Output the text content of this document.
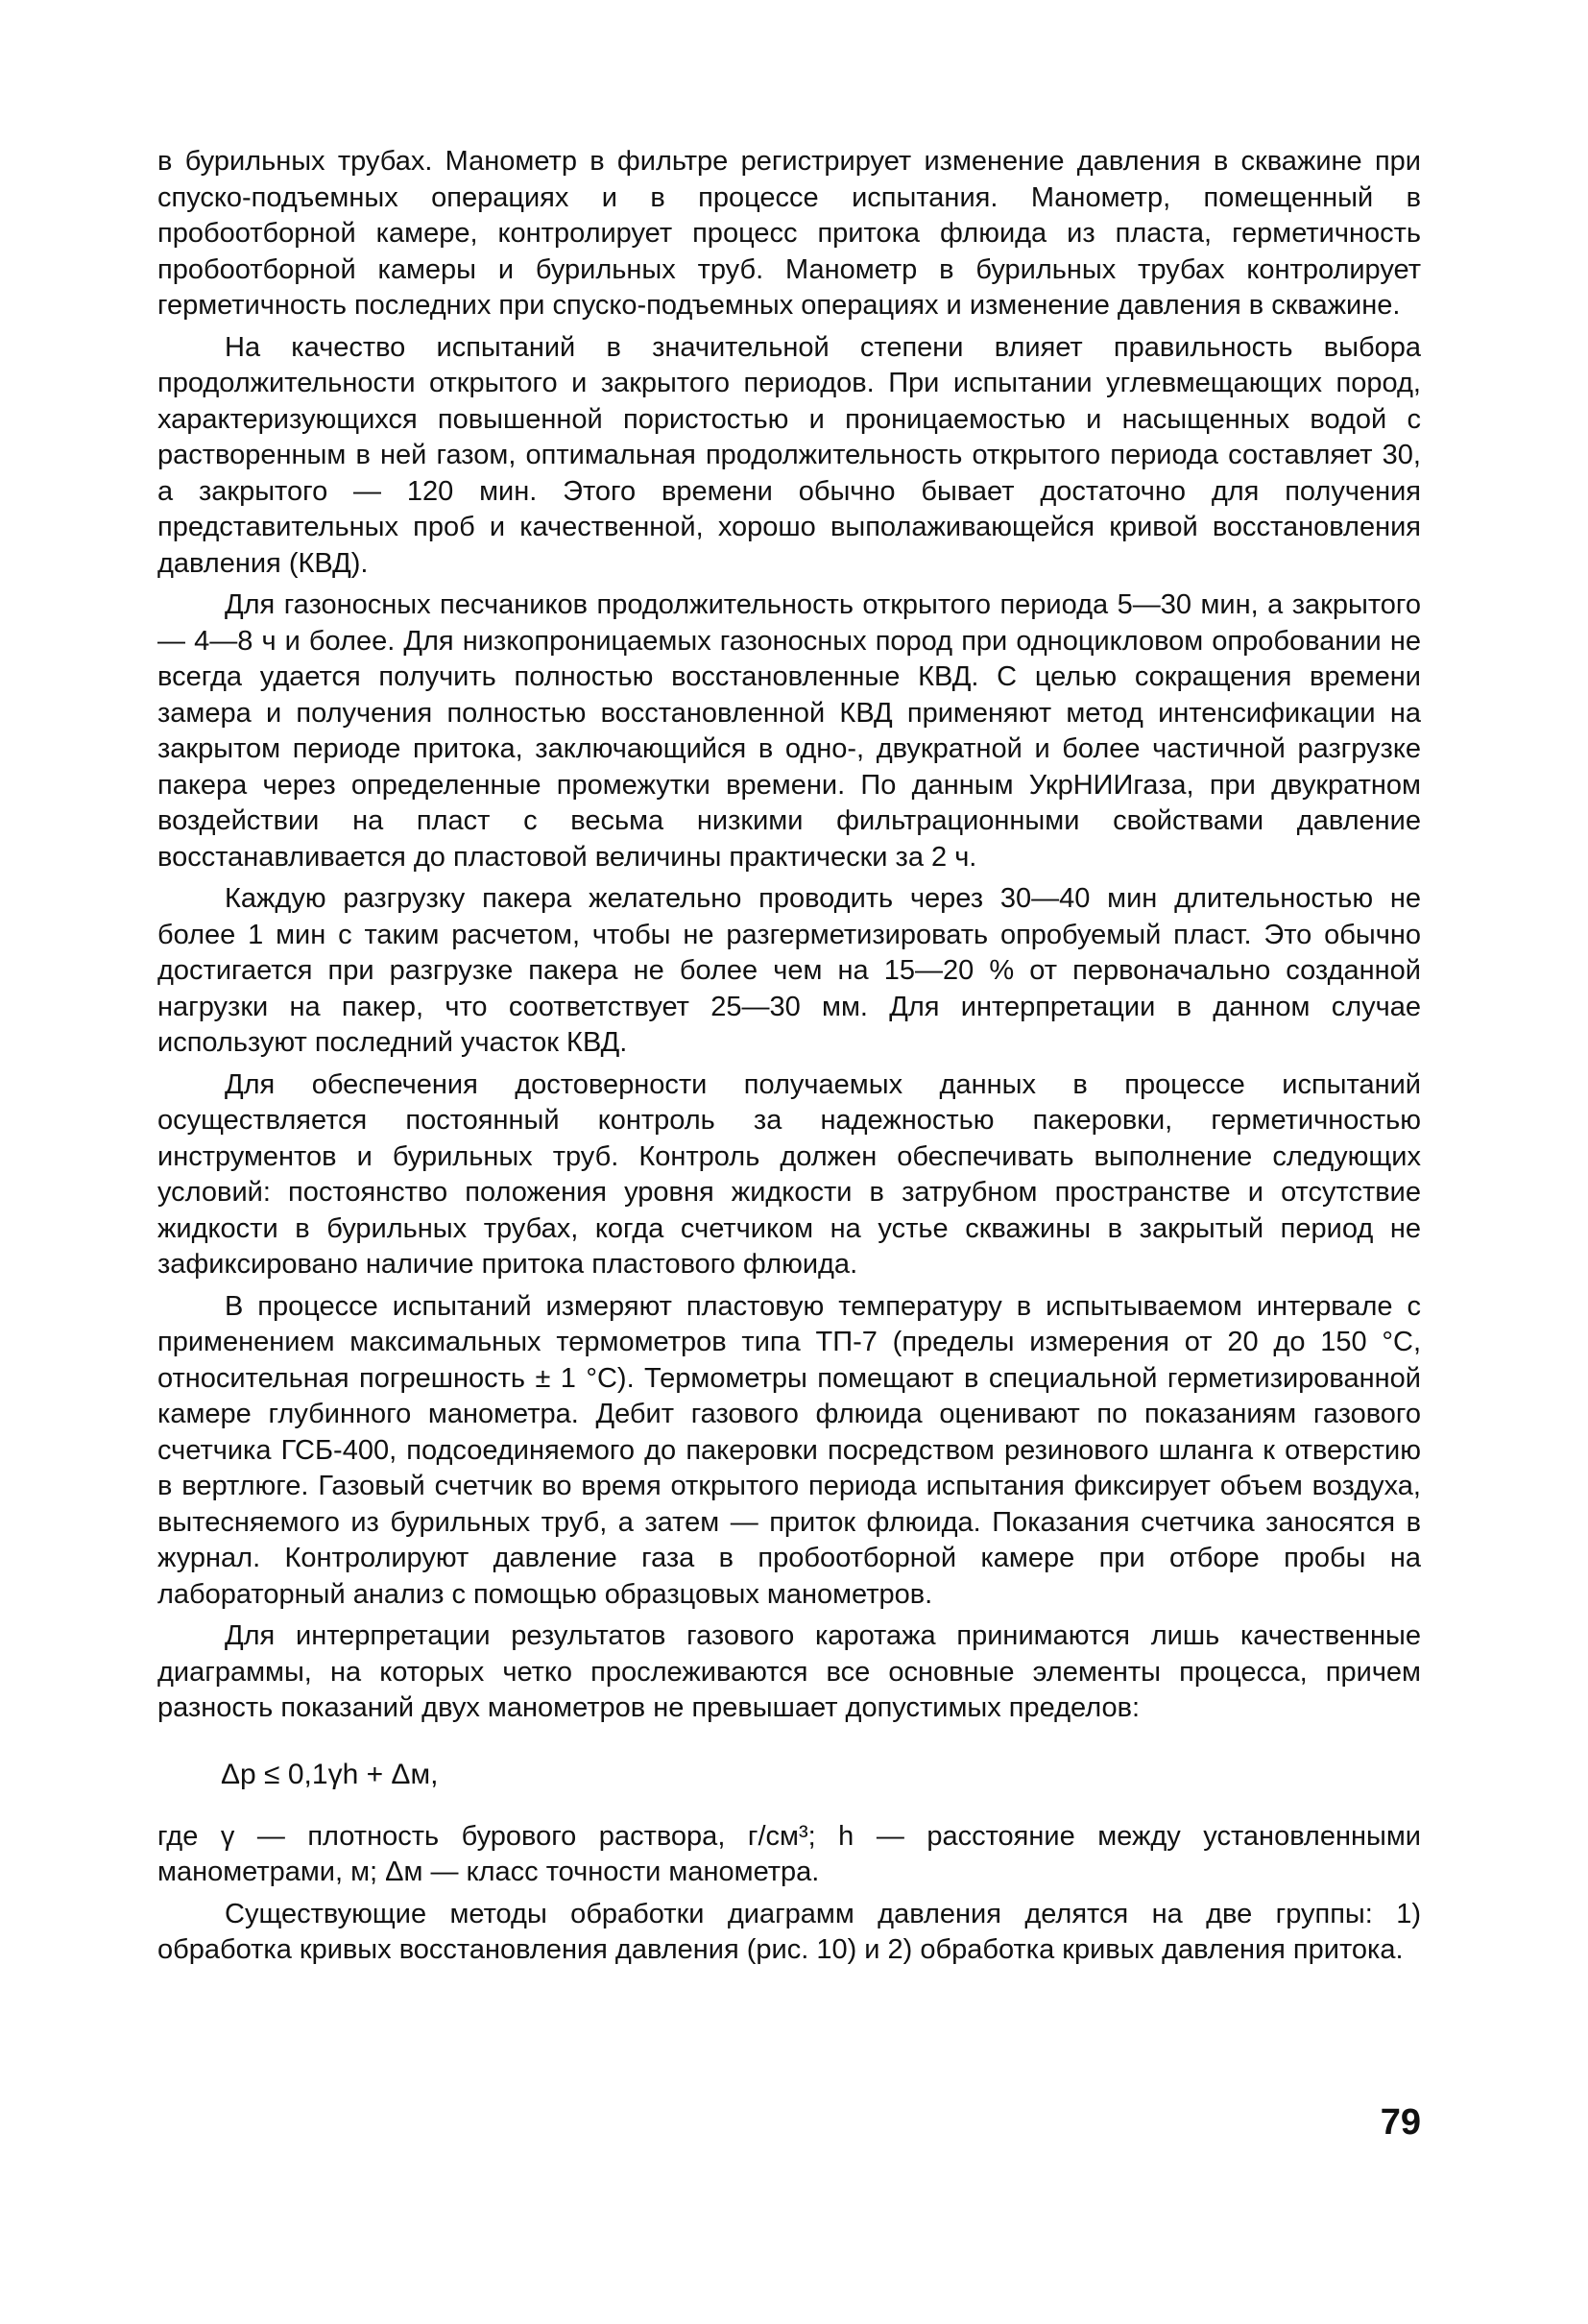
в бурильных трубах. Манометр в фильтре регистрирует изменение давления в скважине при спуско-подъемных операциях и в процессе испытания. Манометр, помещенный в пробоотборной камере, контролирует процесс притока флюида из пласта, герметичность пробоотборной камеры и бурильных труб. Манометр в бурильных трубах контролирует герметичность последних при спуско-подъемных операциях и изменение давления в скважине.

На качество испытаний в значительной степени влияет правильность выбора продолжительности открытого и закрытого периодов. При испытании углевмещающих пород, характеризующихся повышенной пористостью и проницаемостью и насыщенных водой с растворенным в ней газом, оптимальная продолжительность открытого периода составляет 30, а закрытого — 120 мин. Этого времени обычно бывает достаточно для получения представительных проб и качественной, хорошо выполаживающейся кривой восстановления давления (КВД).

Для газоносных песчаников продолжительность открытого периода 5—30 мин, а закрытого — 4—8 ч и более. Для низкопроницаемых газоносных пород при одноцикловом опробовании не всегда удается получить полностью восстановленные КВД. С целью сокращения времени замера и получения полностью восстановленной КВД применяют метод интенсификации на закрытом периоде притока, заключающийся в одно-, двукратной и более частичной разгрузке пакера через определенные промежутки времени. По данным УкрНИИгаза, при двукратном воздействии на пласт с весьма низкими фильтрационными свойствами давление восстанавливается до пластовой величины практически за 2 ч.

Каждую разгрузку пакера желательно проводить через 30—40 мин длительностью не более 1 мин с таким расчетом, чтобы не разгерметизировать опробуемый пласт. Это обычно достигается при разгрузке пакера не более чем на 15—20 % от первоначально созданной нагрузки на пакер, что соответствует 25—30 мм. Для интерпретации в данном случае используют последний участок КВД.

Для обеспечения достоверности получаемых данных в процессе испытаний осуществляется постоянный контроль за надежностью пакеровки, герметичностью инструментов и бурильных труб. Контроль должен обеспечивать выполнение следующих условий: постоянство положения уровня жидкости в затрубном пространстве и отсутствие жидкости в бурильных трубах, когда счетчиком на устье скважины в закрытый период не зафиксировано наличие притока пластового флюида.

В процессе испытаний измеряют пластовую температуру в испытываемом интервале с применением максимальных термометров типа ТП-7 (пределы измерения от 20 до 150 °С, относительная погрешность ± 1 °С). Термометры помещают в специальной герметизированной камере глубинного манометра. Дебит газового флюида оценивают по показаниям газового счетчика ГСБ-400, подсоединяемого до пакеровки посредством резинового шланга к отверстию в вертлюге. Газовый счетчик во время открытого периода испытания фиксирует объем воздуха, вытесняемого из бурильных труб, а затем — приток флюида. Показания счетчика заносятся в журнал. Контролируют давление газа в пробоотборной камере при отборе пробы на лабораторный анализ с помощью образцовых манометров.

Для интерпретации результатов газового каротажа принимаются лишь качественные диаграммы, на которых четко прослеживаются все основные элементы процесса, причем разность показаний двух манометров не превышает допустимых пределов:

Δр ≤ 0,1γh + Δм,

где γ — плотность бурового раствора, г/см³; h — расстояние между установленными манометрами, м; Δм — класс точности манометра.

Существующие методы обработки диаграмм давления делятся на две группы: 1) обработка кривых восстановления давления (рис. 10) и 2) обработка кривых давления притока.

79
